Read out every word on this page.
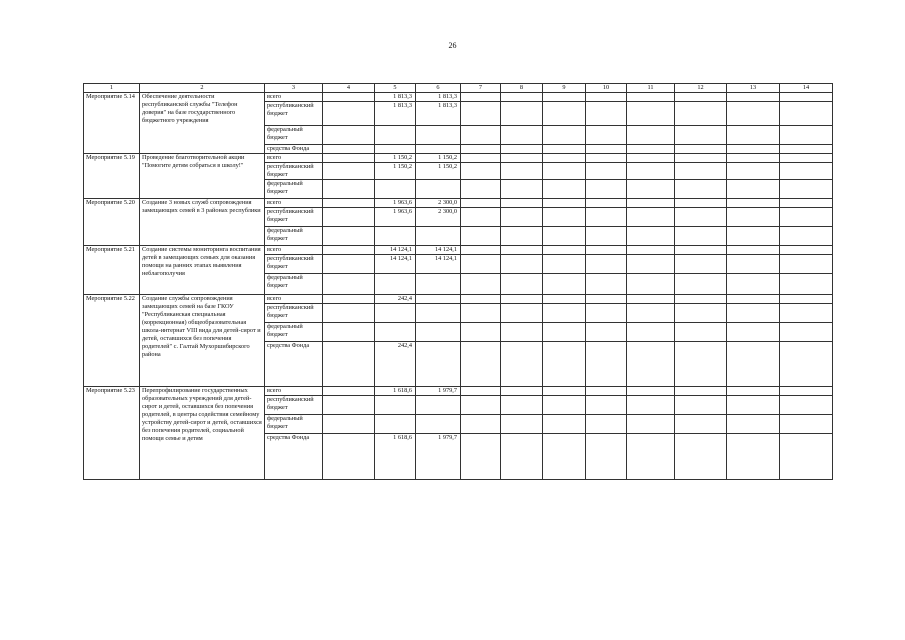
26
1	2	3	4	5	6	7	8	9	10	11	12	13	14
Мероприятие 5.14	Обеспечение деятельности республиканской службы "Телефон доверия" на базе государственного бюджетного учреждения	всего		1 813,3	1 813,3								
		республиканский бюджет		1 813,3	1 813,3								
		федеральный бюджет											
		средства Фонда											
Мероприятие 5.19	Проведение благотворительной акции "Помогите детям собраться в школу!"	всего		1 150,2	1 150,2								
		республиканский бюджет		1 150,2	1 150,2								
		федеральный бюджет											
Мероприятие 5.20	Создание 3 новых служб сопровождения замещающих семей в 3 районах республики	всего		1 963,6	2 300,0								
		республиканский бюджет		1 963,6	2 300,0								
		федеральный бюджет											
Мероприятие 5.21	Создание системы мониторинга воспитания детей в замещающих семьях для оказания помощи на ранних этапах выявления неблагополучия	всего		14 124,1	14 124,1								
		республиканский бюджет		14 124,1	14 124,1								
		федеральный бюджет											
Мероприятие 5.22	Создание службы сопровождения замещающих семей на базе ГКОУ "Республиканская специальная (коррекционная) общеобразовательная школа-интернат VIII вида для детей-сирот и детей, оставшихся без попечения родителей" с. Галтай Мухоршибирского района	всего		242,4									
		республиканский бюджет											
		федеральный бюджет											
		средства Фонда		242,4									
Мероприятие 5.23	Перепрофилирование государственных образовательных учреждений для детей-сирот и детей, оставшихся без попечения родителей, в центры содействия семейному устройству детей-сирот и детей, оставшихся без попечения родителей, социальной помощи семье и детям	всего		1 618,6	1 979,7								
		республиканский бюджет											
		федеральный бюджет											
		средства Фонда		1 618,6	1 979,7								
